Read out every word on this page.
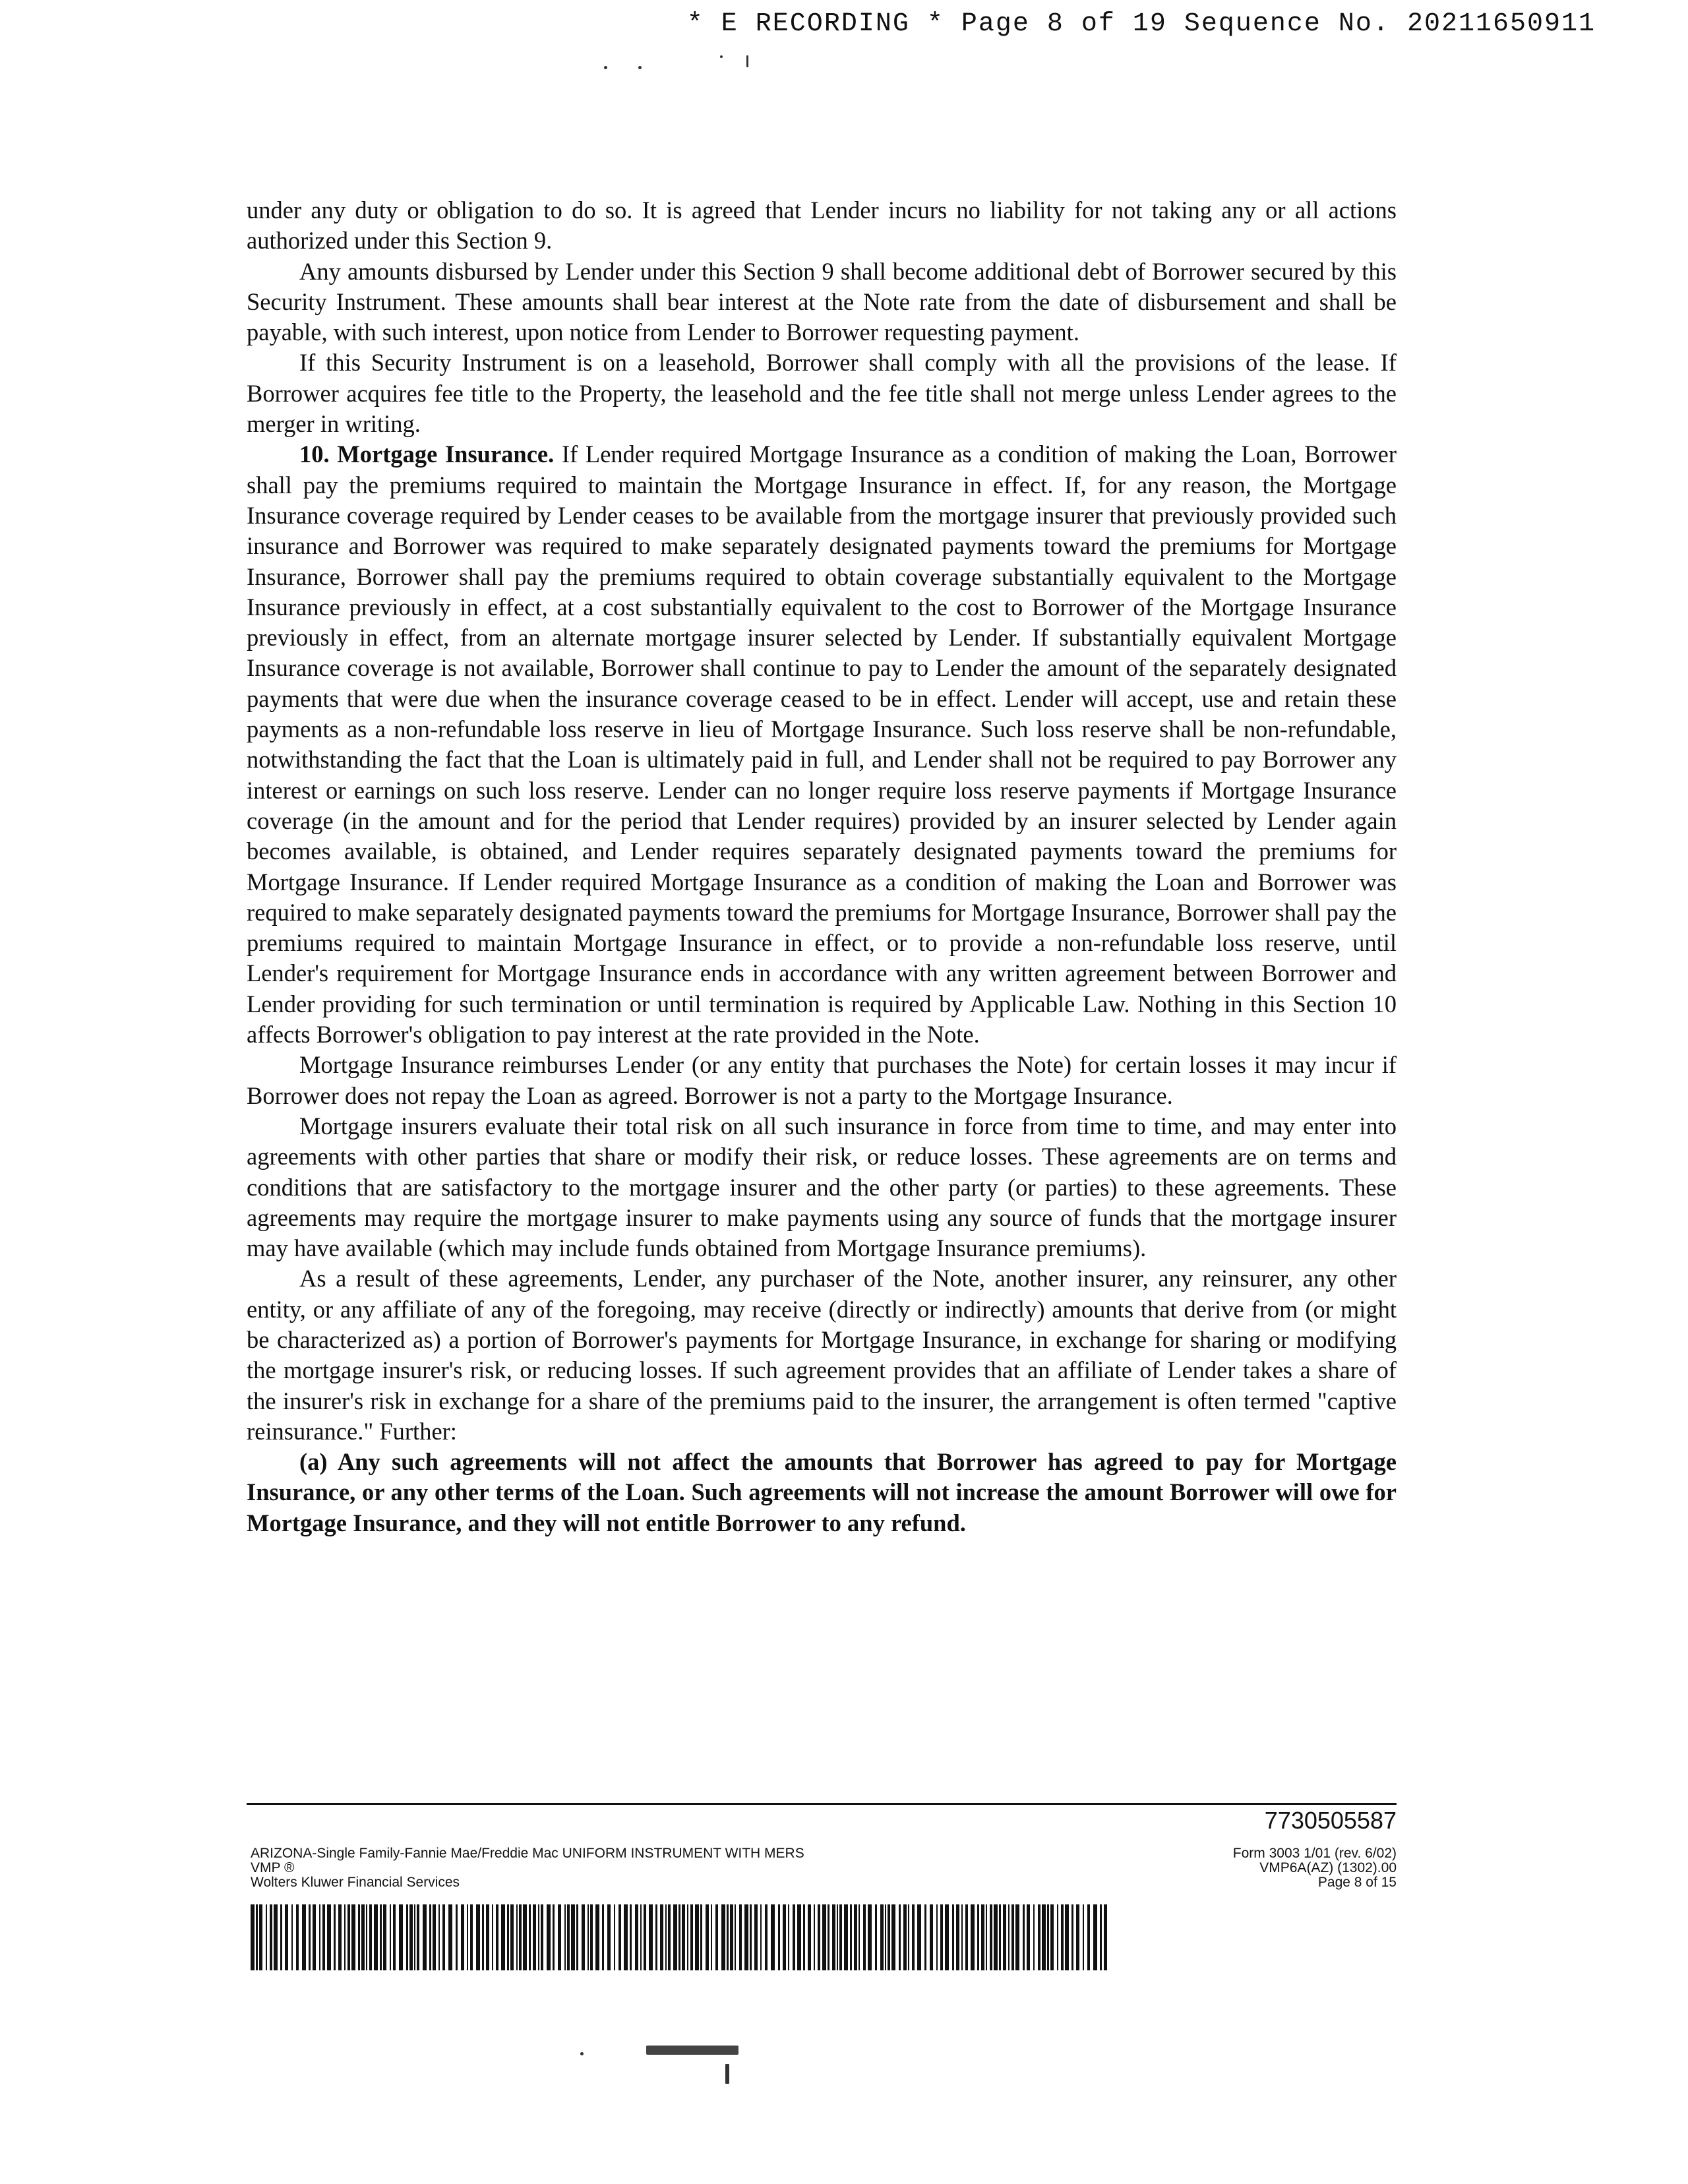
* E RECORDING * Page 8 of 19 Sequence No. 20211650911

under any duty or obligation to do so. It is agreed that Lender incurs no liability for not taking any or all actions authorized under this Section 9.

Any amounts disbursed by Lender under this Section 9 shall become additional debt of Borrower secured by this Security Instrument. These amounts shall bear interest at the Note rate from the date of disbursement and shall be payable, with such interest, upon notice from Lender to Borrower requesting payment.

If this Security Instrument is on a leasehold, Borrower shall comply with all the provisions of the lease. If Borrower acquires fee title to the Property, the leasehold and the fee title shall not merge unless Lender agrees to the merger in writing.

10. Mortgage Insurance. If Lender required Mortgage Insurance as a condition of making the Loan, Borrower shall pay the premiums required to maintain the Mortgage Insurance in effect. If, for any reason, the Mortgage Insurance coverage required by Lender ceases to be available from the mortgage insurer that previously provided such insurance and Borrower was required to make separately designated payments toward the premiums for Mortgage Insurance, Borrower shall pay the premiums required to obtain coverage substantially equivalent to the Mortgage Insurance previously in effect, at a cost substantially equivalent to the cost to Borrower of the Mortgage Insurance previously in effect, from an alternate mortgage insurer selected by Lender. If substantially equivalent Mortgage Insurance coverage is not available, Borrower shall continue to pay to Lender the amount of the separately designated payments that were due when the insurance coverage ceased to be in effect. Lender will accept, use and retain these payments as a non-refundable loss reserve in lieu of Mortgage Insurance. Such loss reserve shall be non-refundable, notwithstanding the fact that the Loan is ultimately paid in full, and Lender shall not be required to pay Borrower any interest or earnings on such loss reserve. Lender can no longer require loss reserve payments if Mortgage Insurance coverage (in the amount and for the period that Lender requires) provided by an insurer selected by Lender again becomes available, is obtained, and Lender requires separately designated payments toward the premiums for Mortgage Insurance. If Lender required Mortgage Insurance as a condition of making the Loan and Borrower was required to make separately designated payments toward the premiums for Mortgage Insurance, Borrower shall pay the premiums required to maintain Mortgage Insurance in effect, or to provide a non-refundable loss reserve, until Lender's requirement for Mortgage Insurance ends in accordance with any written agreement between Borrower and Lender providing for such termination or until termination is required by Applicable Law. Nothing in this Section 10 affects Borrower's obligation to pay interest at the rate provided in the Note.

Mortgage Insurance reimburses Lender (or any entity that purchases the Note) for certain losses it may incur if Borrower does not repay the Loan as agreed. Borrower is not a party to the Mortgage Insurance.

Mortgage insurers evaluate their total risk on all such insurance in force from time to time, and may enter into agreements with other parties that share or modify their risk, or reduce losses. These agreements are on terms and conditions that are satisfactory to the mortgage insurer and the other party (or parties) to these agreements. These agreements may require the mortgage insurer to make payments using any source of funds that the mortgage insurer may have available (which may include funds obtained from Mortgage Insurance premiums).

As a result of these agreements, Lender, any purchaser of the Note, another insurer, any reinsurer, any other entity, or any affiliate of any of the foregoing, may receive (directly or indirectly) amounts that derive from (or might be characterized as) a portion of Borrower's payments for Mortgage Insurance, in exchange for sharing or modifying the mortgage insurer's risk, or reducing losses. If such agreement provides that an affiliate of Lender takes a share of the insurer's risk in exchange for a share of the premiums paid to the insurer, the arrangement is often termed "captive reinsurance." Further:

(a) Any such agreements will not affect the amounts that Borrower has agreed to pay for Mortgage Insurance, or any other terms of the Loan. Such agreements will not increase the amount Borrower will owe for Mortgage Insurance, and they will not entitle Borrower to any refund.

7730505587
ARIZONA-Single Family-Fannie Mae/Freddie Mac UNIFORM INSTRUMENT WITH MERS
VMP ®
Wolters Kluwer Financial Services
Form 3003 1/01 (rev. 6/02)
VMP6A(AZ) (1302).00
Page 8 of 15
